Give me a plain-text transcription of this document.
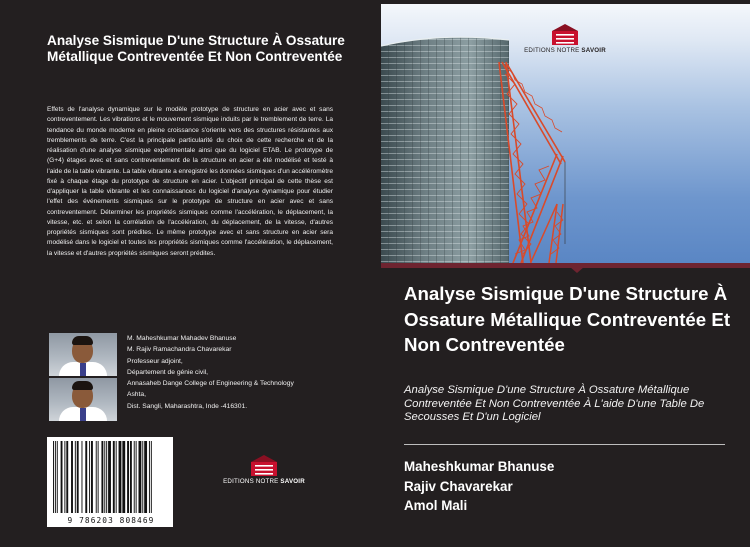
Analyse Sismique D'une Structure À Ossature Métallique Contreventée Et Non Contreventée

Effets de l'analyse dynamique sur le modèle prototype de structure en acier avec et sans contreventement. Les vibrations et le mouvement sismique induits par le tremblement de terre. La tendance du monde moderne en pleine croissance s'oriente vers des structures résistantes aux tremblements de terre. C'est la principale particularité du choix de cette recherche et de la réalisation d'une analyse sismique expérimentale ainsi que du logiciel ETAB. Le prototype de (G+4) étages avec et sans contreventement de la structure en acier a été modélisé et testé à l'aide de la table vibrante. La table vibrante a enregistré les données sismiques d'un accéléromètre fixé à chaque étage du prototype de structure en acier. L'objectif principal de cette thèse est d'appliquer la table vibrante et les connaissances du logiciel d'analyse dynamique pour étudier l'effet des événements sismiques sur le prototype de structure en acier avec et sans contreventement. Déterminer les propriétés sismiques comme l'accélération, le déplacement, la vitesse, etc. et selon la corrélation de l'accélération, du déplacement, de la vitesse, d'autres propriétés sismiques sont prédites. Le même prototype avec et sans structure en acier sera modélisé dans le logiciel et toutes les propriétés sismiques comme l'accélération, le déplacement, la vitesse et d'autres propriétés sismiques seront prédites.

M. Maheshkumar Mahadev Bhanuse
M. Rajiv Ramachandra Chavarekar
Professeur adjoint,
Département de génie civil,
Annasaheb Dange College of Engineering & Technology
Ashta,
Dist. Sangli, Maharashtra, Inde -416301.
9 786203 808469
EDITIONS NOTRE SAVOIR
EDITIONS NOTRE SAVOIR
Analyse Sismique D'une Structure À Ossature Métallique Contreventée Et Non Contreventée

Analyse Sismique D'une Structure À Ossature Métallique Contreventée Et Non Contreventée À L'aide D'une Table De Secousses Et D'un Logiciel

Maheshkumar Bhanuse
Rajiv Chavarekar
Amol Mali
